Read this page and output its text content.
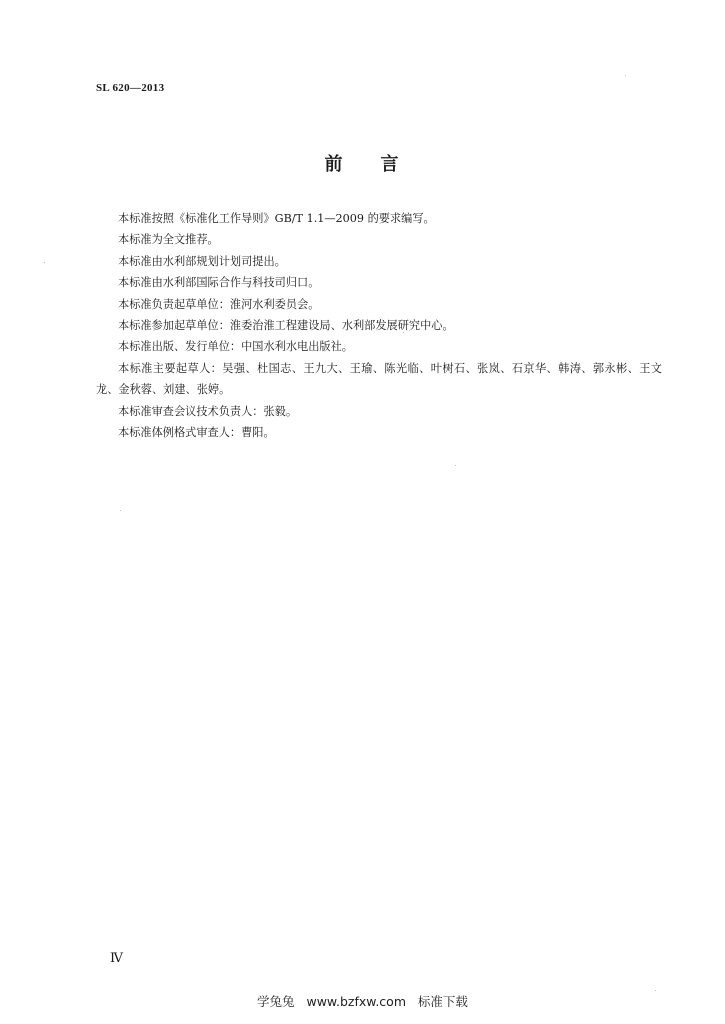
SL 620—2013
前 言

本标准按照《标准化工作导则》GB/T 1.1—2009 的要求编写。

本标准为全文推荐。

本标准由水利部规划计划司提出。

本标准由水利部国际合作与科技司归口。

本标准负责起草单位：淮河水利委员会。

本标准参加起草单位：淮委治淮工程建设局、水利部发展研究中心。

本标准出版、发行单位：中国水利水电出版社。

本标准主要起草人：吴强、杜国志、王九大、王瑜、陈光临、叶树石、张岚、石京华、韩涛、郭永彬、王文龙、金秋蓉、刘建、张婷。

本标准审查会议技术负责人：张毅。

本标准体例格式审查人：曹阳。

Ⅳ
学兔兔   www.bzfxw.com   标准下载
